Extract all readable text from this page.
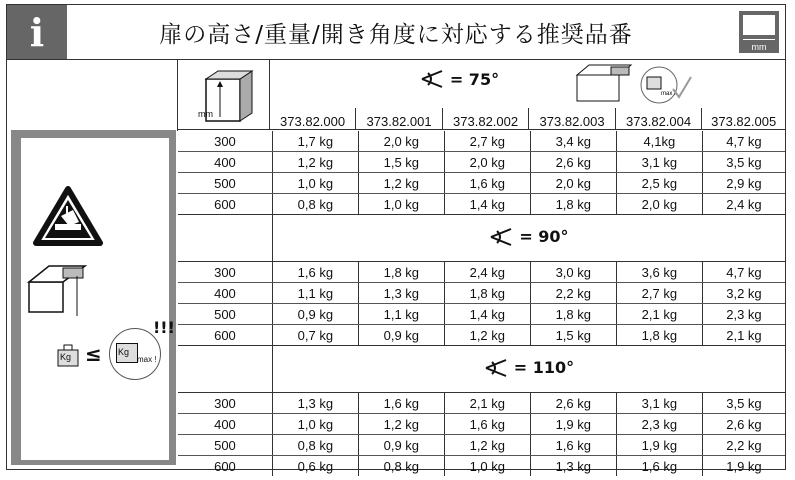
i	扉の高さ/重量/開き角度に対応する推奨品番	mm
Kg ≤ Kg
max !
!!!
mm	= 75°
max !					

	373.82.000	373.82.001	373.82.002	373.82.003	373.82.004	373.82.005
300	1,7 kg	2,0 kg	2,7 kg	3,4 kg	4,1kg	4,7 kg
400	1,2 kg	1,5 kg	2,0 kg	2,6 kg	3,1 kg	3,5 kg
500	1,0 kg	1,2 kg	1,6 kg	2,0 kg	2,5 kg	2,9 kg
600	0,8 kg	1,0 kg	1,4 kg	1,8 kg	2,0 kg	2,4 kg

	= 90°					

300	1,6 kg	1,8 kg	2,4 kg	3,0 kg	3,6 kg	4,7 kg
400	1,1 kg	1,3 kg	1,8 kg	2,2 kg	2,7 kg	3,2 kg
500	0,9 kg	1,1 kg	1,4 kg	1,8 kg	2,1 kg	2,3 kg
600	0,7 kg	0,9 kg	1,2 kg	1,5 kg	1,8 kg	2,1 kg

	= 110°					

300	1,3 kg	1,6 kg	2,1 kg	2,6 kg	3,1 kg	3,5 kg
400	1,0 kg	1,2 kg	1,6 kg	1,9 kg	2,3 kg	2,6 kg
500	0,8 kg	0,9 kg	1,2 kg	1,6 kg	1,9 kg	2,2 kg
600	0,6 kg	0,8 kg	1,0 kg	1,3 kg	1,6 kg	1,9 kg
